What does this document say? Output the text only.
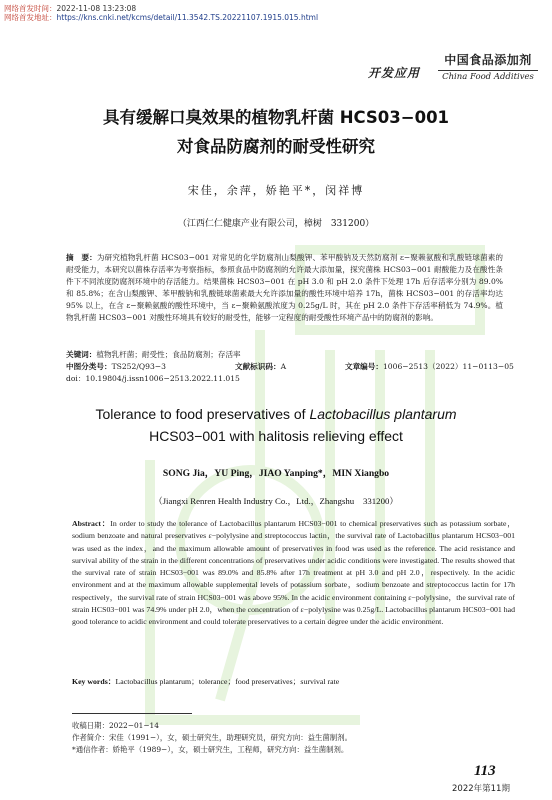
网络首发时间：2022-11-08 13:23:08
网络首发地址：https://kns.cnki.net/kcms/detail/11.3542.TS.20221107.1915.015.html
开发应用
中国食品添加剂
China Food Additives
具有缓解口臭效果的植物乳杆菌 HCS03−001
对食品防腐剂的耐受性研究
宋佳，余萍，娇艳平*，闵祥博
（江西仁仁健康产业有限公司，樟树　331200）
摘　要：为研究植物乳杆菌 HCS03−001 对常见的化学防腐剂山梨酸钾、苯甲酸钠及天然防腐剂 ε−聚赖氨酸和乳酸链球菌素的耐受能力，本研究以菌株存活率为考察指标，参照食品中防腐剂的允许最大添加量，探究菌株 HCS03−001 耐酸能力及在酸性条件下不同浓度防腐剂环境中的存活能力。结果菌株 HCS03−001 在 pH 3.0 和 pH 2.0 条件下处理 17h 后存活率分别为 89.0% 和 85.8%；在含山梨酸钾、苯甲酸钠和乳酸链球菌素最大允许添加量的酸性环境中培养 17h，菌株 HCS03−001 的存活率均达 95% 以上，在含 ε−聚赖氨酸的酸性环境中，当 ε−聚赖氨酸浓度为 0.25g/L 时，其在 pH 2.0 条件下存活率稍低为 74.9%。植物乳杆菌 HCS03−001 对酸性环境具有较好的耐受性，能够一定程度的耐受酸性环境产品中的防腐剂的影响。
关键词：植物乳杆菌；耐受性；食品防腐剂；存活率
中图分类号：TS252/Q93−3	文献标识码：A	文章编号：1006−2513（2022）11−0113−05
doi：10.19804/j.issn1006−2513.2022.11.015
Tolerance to food preservatives of Lactobacillus plantarum
HCS03−001 with halitosis relieving effect
SONG Jia，YU Ping，JIAO Yanping*，MIN Xiangbo
（Jiangxi Renren Health Industry Co.，Ltd.，Zhangshu　331200）
Abstract：In order to study the tolerance of Lactobacillus plantarum HCS03−001 to chemical preservatives such as potassium sorbate，sodium benzoate and natural preservatives ε−polylysine and streptococcus lactin，the survival rate of Lactobacillus plantarum HCS03−001 was used as the index，and the maximum allowable amount of preservatives in food was used as the reference. The acid resistance and survival ability of the strain in the different concentrations of preservatives under acidic conditions were investigated. The results showed that the survival rate of strain HCS03−001 was 89.0% and 85.8% after 17h treatment at pH 3.0 and pH 2.0，respectively. In the acidic environment and at the maximum allowable supplemental levels of potassium sorbate，sodium benzoate and streptococcus lactin for 17h respectively，the survival rate of strain HCS03−001 was above 95%. In the acidic environment containing ε−polylysine，the survival rate of strain HCS03−001 was 74.9% under pH 2.0，when the concentration of ε−polylysine was 0.25g/L. Lactobacillus plantarum HCS03−001 had good tolerance to acidic environment and could tolerate preservatives to a certain degree under the acidic environment.
Key words：Lactobacillus plantarum；tolerance；food preservatives；survival rate
收稿日期：2022−01−14
作者简介：宋佳（1991−），女，硕士研究生，助理研究员，研究方向：益生菌制剂。
*通信作者：娇艳平（1989−），女，硕士研究生，工程师，研究方向：益生菌制剂。
113
2022年第11期
